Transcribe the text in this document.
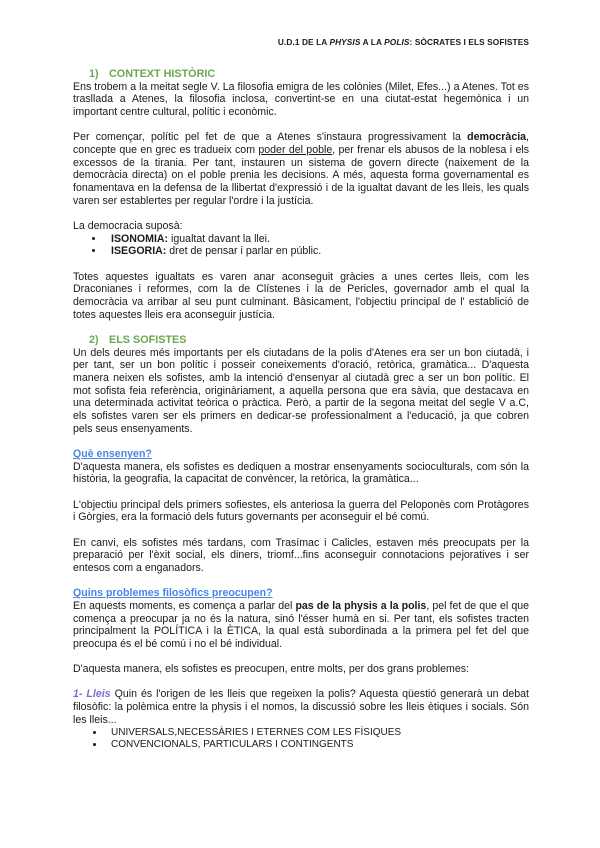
U.D.1 DE LA PHYSIS A LA POLIS: SÒCRATES I ELS SOFISTES

1) CONTEXT HISTÒRIC

Ens trobem a la meitat segle V. La filosofia emigra de les colònies (Milet, Efes...) a Atenes. Tot es trasllada a Atenes, la filosofia inclosa, convertint-se en una ciutat-estat hegemònica i un important centre cultural, polític i econòmic.

Per començar, polític pel fet de que a Atenes s'instaura progressivament la democràcia, concepte que en grec es tradueix com poder del poble, per frenar els abusos de la noblesa i els excessos de la tirania. Per tant, instauren un sistema de govern directe (naixement de la democràcia directa) on el poble prenia les decisions. A més, aquesta forma governamental es fonamentava en la defensa de la llibertat d'expressió i de la igualtat davant de les lleis, les quals varen ser establertes per regular l'ordre i la justícia.

La democracia suposà:

• ISONOMIA: igualtat davant la llei.
• ISEGORIA: dret de pensar i parlar en públic.

Totes aquestes igualtats es varen anar aconseguit gràcies a unes certes lleis, com les Draconianes i reformes, com la de Clístenes i la de Pericles, governador amb el qual la democràcia va arribar al seu punt culminant. Bàsicament, l'objectiu principal de l' establició de totes aquestes lleis era aconseguir justícia.

2) ELS SOFISTES

Un dels deures més importants per els ciutadans de la polis d'Atenes era ser un bon ciutadà, i per tant, ser un bon polític i posseir coneixements d'oració, retòrica, gramàtica... D'aquesta manera neixen els sofistes, amb la intenció d'ensenyar al ciutadà grec a ser un bon polític. El mot sofista feia referència, originàriament, a aquella persona que era sàvia, que destacava en una determinada activitat teòrica o pràctica. Però, a partir de la segona meitat del segle V a.C, els sofistes varen ser els primers en dedicar-se professionalment a l'educació, ja que cobren pels seus ensenyaments.

Què ensenyen?

D'aquesta manera, els sofistes es dediquen a mostrar ensenyaments socioculturals, com són la història, la geografia, la capacitat de convèncer, la retòrica, la gramàtica...

L'objectiu principal dels primers sofiestes, els anteriosa la guerra del Peloponès com Protàgores i Gòrgies, era la formació dels futurs governants per aconseguir el bé comú.

En canvi, els sofistes més tardans, com Trasímac i Calicles, estaven més preocupats per la preparació per l'èxit social, els diners, triomf...fins aconseguir connotacions pejoratives i ser entesos com a enganadors.

Quins problemes filosòfics preocupen?

En aquests moments, es comença a parlar del pas de la physis a la polis, pel fet de que el que comença a preocupar ja no és la natura, sinó l'ésser humà en si. Per tant, els sofistes tracten principalment la POLÍTICA i la ÈTICA, la qual està subordinada a la primera pel fet del que preocupa és el bé comú i no el bé individual.

D'aquesta manera, els sofistes es preocupen, entre molts, per dos grans problemes:

1- Lleis Quin és l'origen de les lleis que regeixen la polis? Aquesta qüestió generarà un debat filosòfic: la polèmica entre la physis i el nomos, la discussió sobre les lleis ètiques i socials. Són les lleis...

• UNIVERSALS,NECESSÀRIES I ETERNES COM LES FÍSIQUES
• CONVENCIONALS, PARTICULARS I CONTINGENTS
